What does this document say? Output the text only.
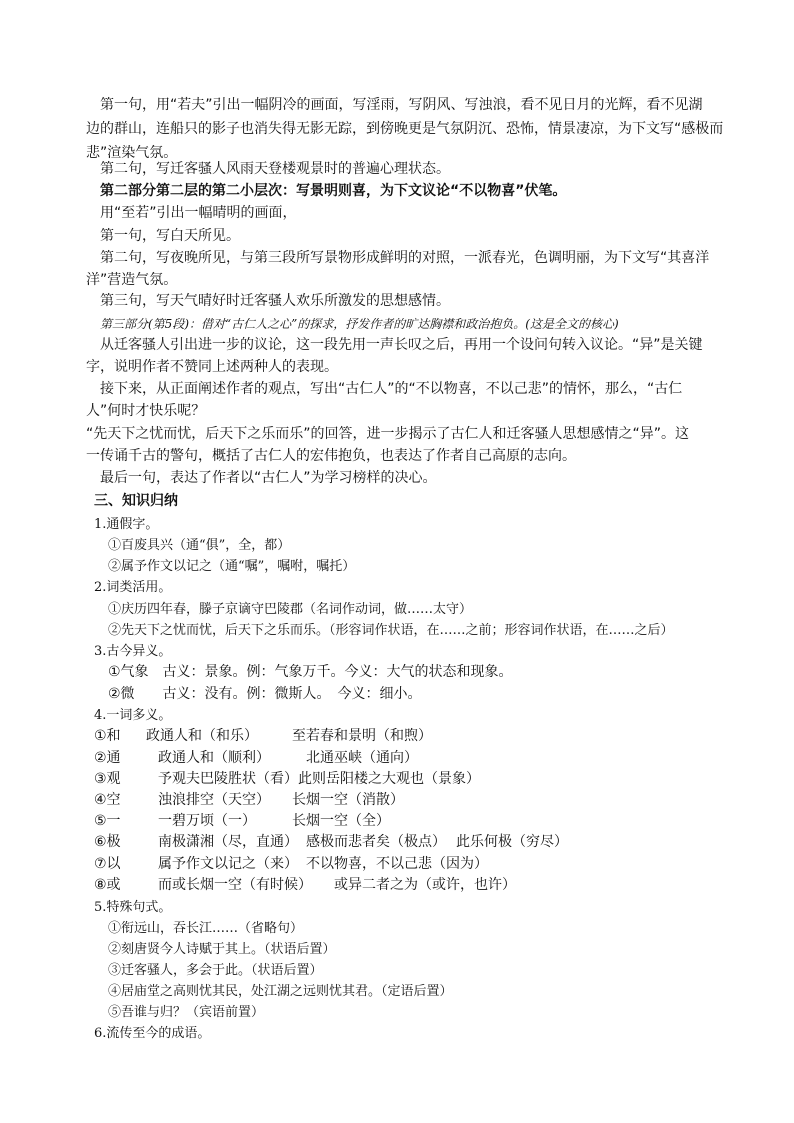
第一句，用“若夫”引出一幅阴冷的画面，写淫雨，写阴风、写浊浪，看不见日月的光辉，看不见湖
边的群山，连船只的影子也消失得无影无踪，到傍晚更是气氛阴沉、恐怖，情景凄凉，为下文写“感极而
悲”渲染气氛。
第二句，写迁客骚人风雨天登楼观景时的普遍心理状态。
第二部分第二层的第二小层次：写景明则喜，为下文议论“不以物喜”伏笔。
用“至若”引出一幅晴明的画面，
第一句，写白天所见。
第二句，写夜晚所见，与第三段所写景物形成鲜明的对照，一派春光，色调明丽，为下文写“其喜洋
洋”营造气氛。
第三句，写天气晴好时迁客骚人欢乐所激发的思想感情。
第三部分(第5段)：借对“古仁人之心”的探求，抒发作者的旷达胸襟和政治抱负。(这是全文的核心)
从迁客骚人引出进一步的议论，这一段先用一声长叹之后，再用一个设问句转入议论。“异”是关键
字，说明作者不赞同上述两种人的表现。
接下来，从正面阐述作者的观点，写出“古仁人”的“不以物喜，不以己悲”的情怀，那么，“古仁
人”何时才快乐呢？
“先天下之忧而忧，后天下之乐而乐”的回答，进一步揭示了古仁人和迁客骚人思想感情之“异”。这
一传诵千古的警句，概括了古仁人的宏伟抱负，也表达了作者自己高原的志向。
最后一句，表达了作者以“古仁人”为学习榜样的决心。
三、知识归纳
1.通假字。
①百废具兴（通“俱”，全，都）
②属予作文以记之（通“嘱”，嘱咐，嘱托）
2.词类活用。
①庆历四年春，滕子京谪守巴陵郡（名词作动词，做……太守）
②先天下之忧而忧，后天下之乐而乐。（形容词作状语，在……之前；形容词作状语，在……之后）
3.古今异义。
①气象　古义：景象。例：气象万千。今义：大气的状态和现象。
②微　　古义：没有。例：微斯人。　今义：细小。
4.一词多义。
①和 政通人和（和乐） 至若春和景明（和煦）
②通	政通人和（顺利）	北通巫峡（通向）
③观	予观夫巴陵胜状（看） 此则岳阳楼之大观也（景象）
④空	浊浪排空（天空） 长烟一空（消散）
⑤一	一碧万顷（一）	长烟一空（全）
⑥极	南极潇湘（尽，直通） 感极而悲者矣（极点） 此乐何极（穷尽）
⑦以	属予作文以记之（来） 不以物喜，不以己悲（因为）
⑧或	而或长烟一空（有时候） 或异二者之为（或许，也许）
5.特殊句式。
①衔远山，吞长江……（省略句）
②刻唐贤今人诗赋于其上。（状语后置）
③迁客骚人，多会于此。（状语后置）
④居庙堂之高则忧其民，处江湖之远则忧其君。（定语后置）
⑤吾谁与归？（宾语前置）
6.流传至今的成语。
